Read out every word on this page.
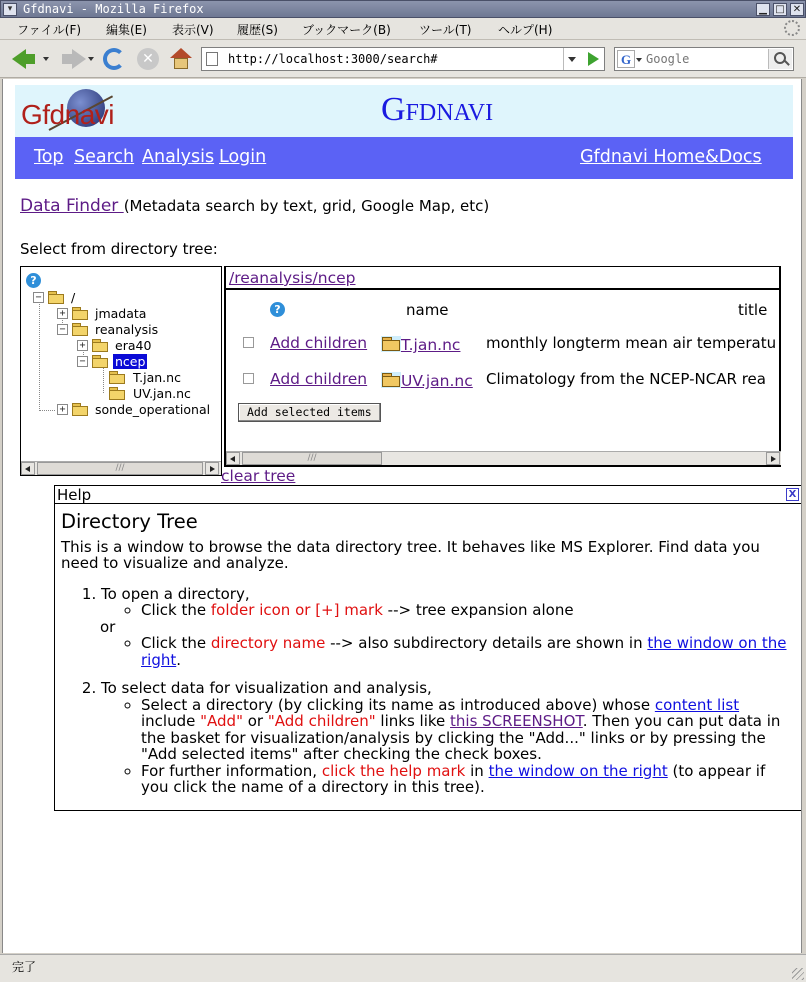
▾ Gfdnavi - Mozilla Firefox	▁ □ ✕
ファイル(F) 編集(E) 表示(V) 履歴(S) ブックマーク(B) ツール(T) ヘルプ(H)
✕	http://localhost:3000/search#	G
Google
Gfdnavi	Gfdnavi
Top Search Analysis Login	Gfdnavi Home&Docs
Data Finder (Metadata search by text, grid, Google Map, etc)
Select from directory tree:
?
− /
+ jmadata
− reanalysis
+ era40
− ncep
T.jan.nc
UV.jan.nc
+ sonde_operational
///
/reanalysis/ncep
?	name	title
Add children	T.jan.nc monthly longterm mean air temperatu
Add children	UV.jan.nc Climatology from the NCEP-NCAR rea
Add selected items
///
clear tree
Help	X
Directory Tree

This is a window to browse the data directory tree. It behaves like MS Explorer. Find data you need to visualize and analyze.

1. To open a directory,
◦ Click the folder icon or [+] mark --> tree expansion alone
or
◦ Click the directory name --> also subdirectory details are shown in the window on the right.
2. To select data for visualization and analysis,
◦ Select a directory (by clicking its name as introduced above) whose content list include "Add" or "Add children" links like this SCREENSHOT. Then you can put data in the basket for visualization/analysis by clicking the "Add..." links or by pressing the "Add selected items" after checking the check boxes.
◦ For further information, click the help mark in the window on the right (to appear if you click the name of a directory in this tree).
完了
